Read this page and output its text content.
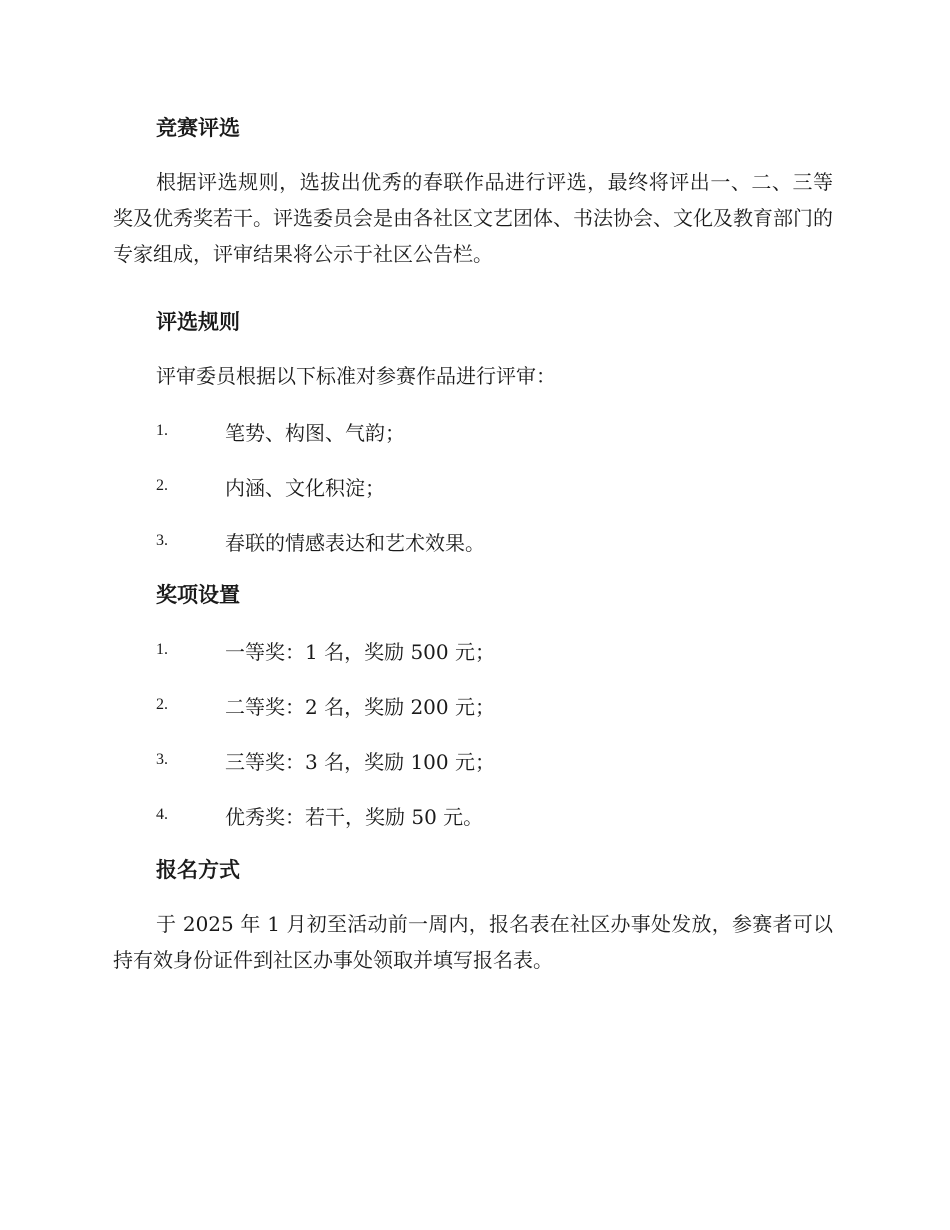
竞赛评选

根据评选规则，选拔出优秀的春联作品进行评选，最终将评出一、二、三等奖及优秀奖若干。评选委员会是由各社区文艺团体、书法协会、文化及教育部门的专家组成，评审结果将公示于社区公告栏。

评选规则

评审委员根据以下标准对参赛作品进行评审：

1.	笔势、构图、气韵；
2.	内涵、文化积淀；
3.	春联的情感表达和艺术效果。
奖项设置
1.	一等奖：1 名，奖励 500 元；
2.	二等奖：2 名，奖励 200 元；
3.	三等奖：3 名，奖励 100 元；
4.	优秀奖：若干，奖励 50 元。
报名方式

于 2025 年 1 月初至活动前一周内，报名表在社区办事处发放，参赛者可以持有效身份证件到社区办事处领取并填写报名表。
